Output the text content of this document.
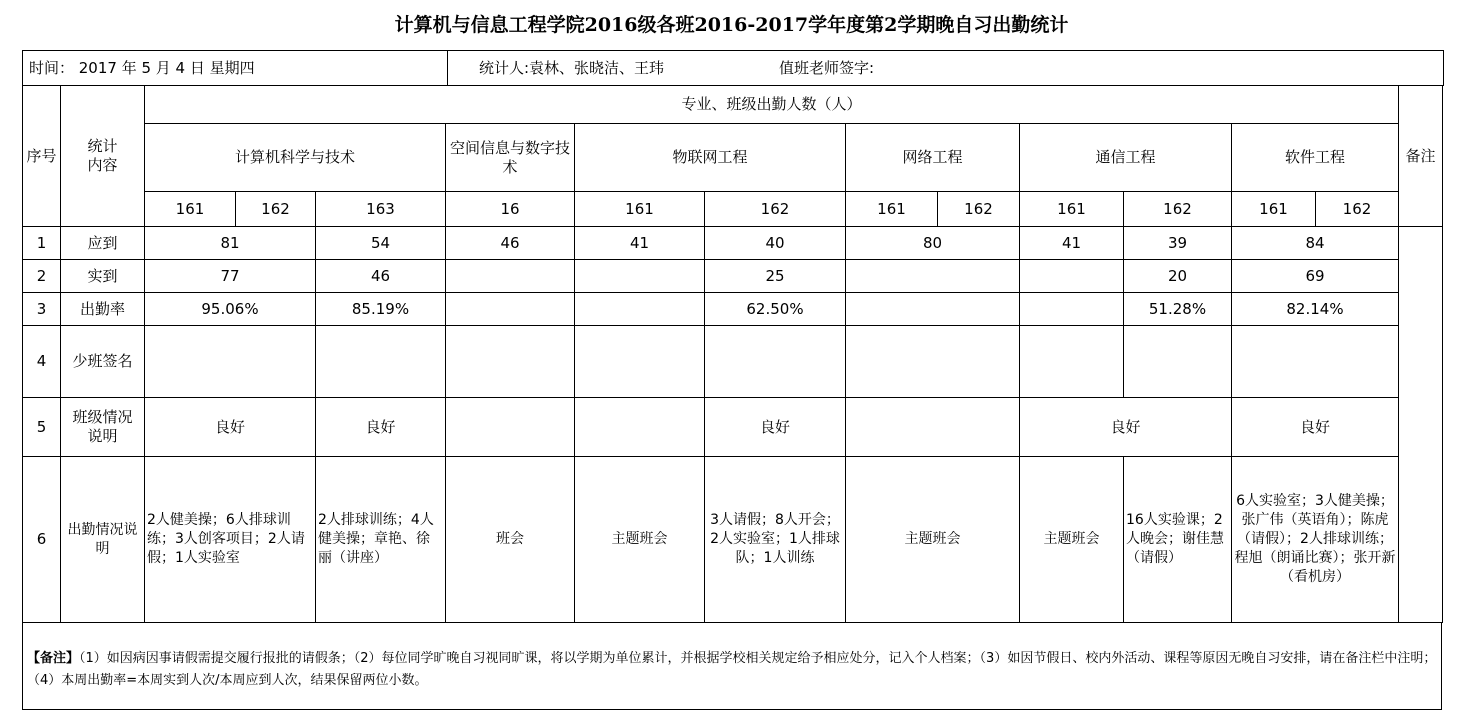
计算机与信息工程学院2016级各班2016-2017学年度第2学期晚自习出勤统计
时间： 2017 年 5 月 4 日 星期四	统计人:袁林、张晓洁、王玮	值班老师签字:
序号	统计内容	专业、班级出勤人数（人）												备注
		计算机科学与技术			空间信息与数字技术	物联网工程		网络工程		通信工程		软件工程		
		161	162	163	16	161	162	161	162	161	162	161	162	
1	应到	81		54	46	41	40	80		41	39	84		
2	实到	77		46			25				20	69		
3	出勤率	95.06%		85.19%			62.50%				51.28%	82.14%		
4	少班签名													
5	班级情况说明	良好		良好			良好			良好		良好		
6	出勤情况说明	2人健美操；6人排球训练；3人创客项目；2人请假；1人实验室		2人排球训练；4人健美操；章艳、徐丽（讲座）	班会	主题班会	3人请假；8人开会；2人实验室；1人排球队；1人训练	主题班会		主题班会	16人实验课；2人晚会；谢佳慧（请假）	6人实验室；3人健美操；张广伟（英语角）；陈虎（请假）；2人排球训练；程旭（朗诵比赛）；张开新（看机房）		
【备注】（1）如因病因事请假需提交履行报批的请假条；（2）每位同学旷晚自习视同旷课，将以学期为单位累计，并根据学校相关规定给予相应处分，记入个人档案；（3）如因节假日、校内外活动、课程等原因无晚自习安排，请在备注栏中注明；（4）本周出勤率=本周实到人次/本周应到人次，结果保留两位小数。
